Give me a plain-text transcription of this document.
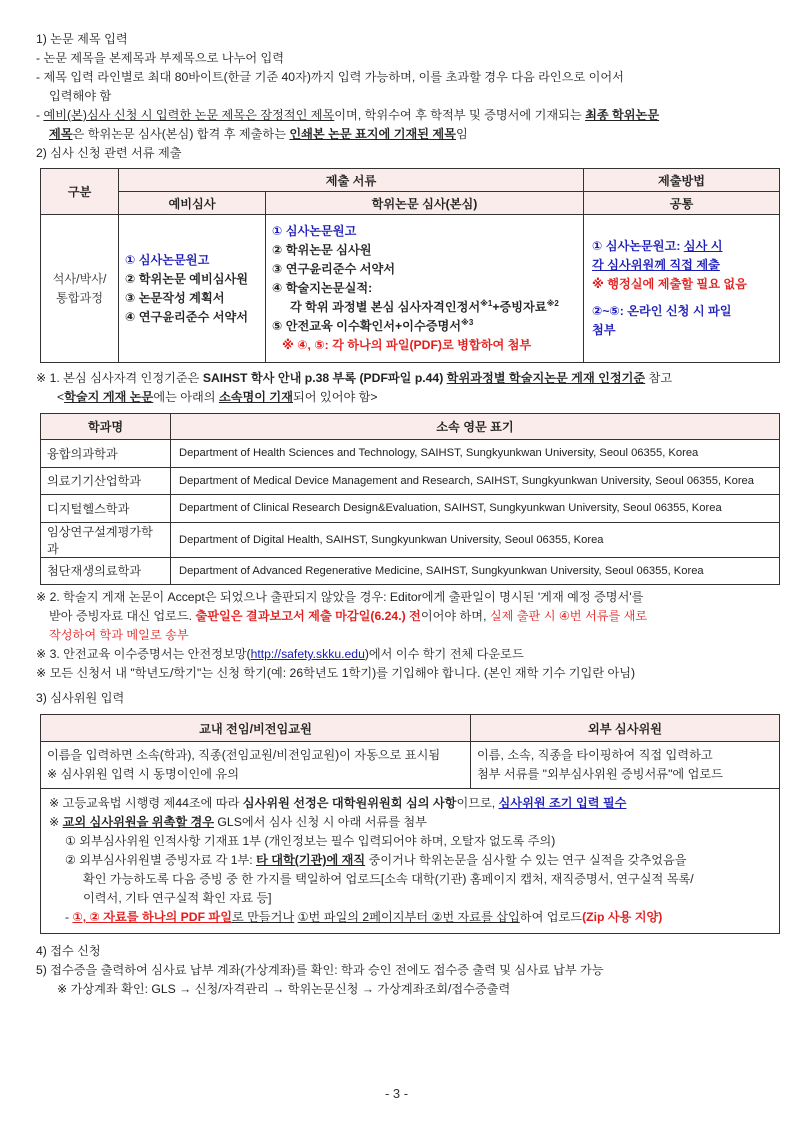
1) 논문 제목 입력
- 논문 제목을 본제목과 부제목으로 나누어 입력
- 제목 입력 라인별로 최대 80바이트(한글 기준 40자)까지 입력 가능하며, 이를 초과할 경우 다음 라인으로 이어서
입력해야 함
- 예비(본)심사 신청 시 입력한 논문 제목은 잠정적인 제목이며, 학위수여 후 학적부 및 증명서에 기재되는 최종 학위논문
제목은 학위논문 심사(본심) 합격 후 제출하는 인쇄본 논문 표지에 기재된 제목임
2) 심사 신청 관련 서류 제출
구분	제출 서류		제출방법
	예비심사	학위논문 심사(본심)	공통

석사/박사/
통합과정

① 심사논문원고
② 학위논문 예비심사원
③ 논문작성 계획서
④ 연구윤리준수 서약서

① 심사논문원고
② 학위논문 심사원
③ 연구윤리준수 서약서
④ 학술지논문실적:
각 학위 과정별 본심 심사자격인정서$^{※1}$+증빙자료$^{※2}$
⑤ 안전교육 이수확인서+이수증명서$^{※3}$
※ ④, ⑤: 각 하나의 파일(PDF)로 병합하여 첨부

① 심사논문원고: 심사 시
각 심사위원께 직접 제출
※ 행정실에 제출할 필요 없음
②~⑤: 온라인 신청 시 파일
첨부
※ 1. 본심 심사자격 인정기준은 SAIHST 학사 안내 p.38 부록 (PDF파일 p.44) 학위과정별 학술지논문 게재 인정기준 참고
<학술지 게재 논문에는 아래의 소속명이 기재되어 있어야 함>
학과명	소속 영문 표기
융합의과학과	Department of Health Sciences and Technology, SAIHST, Sungkyunkwan University, Seoul 06355, Korea
의료기기산업학과	Department of Medical Device Management and Research, SAIHST, Sungkyunkwan University, Seoul 06355, Korea
디지털헬스학과	Department of Clinical Research Design&Evaluation, SAIHST, Sungkyunkwan University, Seoul 06355, Korea
임상연구설계평가학과	Department of Digital Health, SAIHST, Sungkyunkwan University, Seoul 06355, Korea
첨단재생의료학과	Department of Advanced Regenerative Medicine, SAIHST, Sungkyunkwan University, Seoul 06355, Korea
※ 2. 학술지 게재 논문이 Accept은 되었으나 출판되지 않았을 경우: Editor에게 출판일이 명시된 '게재 예정 증명서'를
받아 증빙자료 대신 업로드. 출판일은 결과보고서 제출 마감일(6.24.) 전이어야 하며, 실제 출판 시 ④번 서류를 새로
작성하여 학과 메일로 송부
※ 3. 안전교육 이수증명서는 안전정보망(http://safety.skku.edu)에서 이수 학기 전체 다운로드
※ 모든 신청서 내 "학년도/학기"는 신청 학기(예: 26학년도 1학기)를 기입해야 합니다. (본인 재학 기수 기입란 아님)
3) 심사위원 입력
교내 전임/비전임교원	외부 심사위원

이름을 입력하면 소속(학과), 직종(전임교원/비전임교원)이 자동으로 표시됨
※ 심사위원 입력 시 동명이인에 유의

이름, 소속, 직종을 타이핑하여 직접 입력하고
첨부 서류를 "외부심사위원 증빙서류"에 업로드

※ 고등교육법 시행령 제44조에 따라 심사위원 선정은 대학원위원회 심의 사항이므로, 심사위원 조기 입력 필수
※ 교외 심사위원을 위촉할 경우 GLS에서 심사 신청 시 아래 서류를 첨부
① 외부심사위원 인적사항 기재표 1부 (개인정보는 필수 입력되어야 하며, 오탈자 없도록 주의)
② 외부심사위원별 증빙자료 각 1부: 타 대학(기관)에 재직 중이거나 학위논문을 심사할 수 있는 연구 실적을 갖추었음을
확인 가능하도록 다음 증빙 중 한 가지를 택일하여 업로드[소속 대학(기관) 홈페이지 캡처, 재직증명서, 연구실적 목록/
이력서, 기타 연구실적 확인 자료 등]
- ①, ② 자료를 하나의 PDF 파일로 만들거나 ①번 파일의 2페이지부터 ②번 자료를 삽입하여 업로드(Zip 사용 지양)
4) 접수 신청
5) 접수증을 출력하여 심사료 납부 계좌(가상계좌)를 확인: 학과 승인 전에도 접수증 출력 및 심사료 납부 가능
※ 가상계좌 확인: GLS → 신청/자격관리 → 학위논문신청 → 가상계좌조회/접수증출력
- 3 -
